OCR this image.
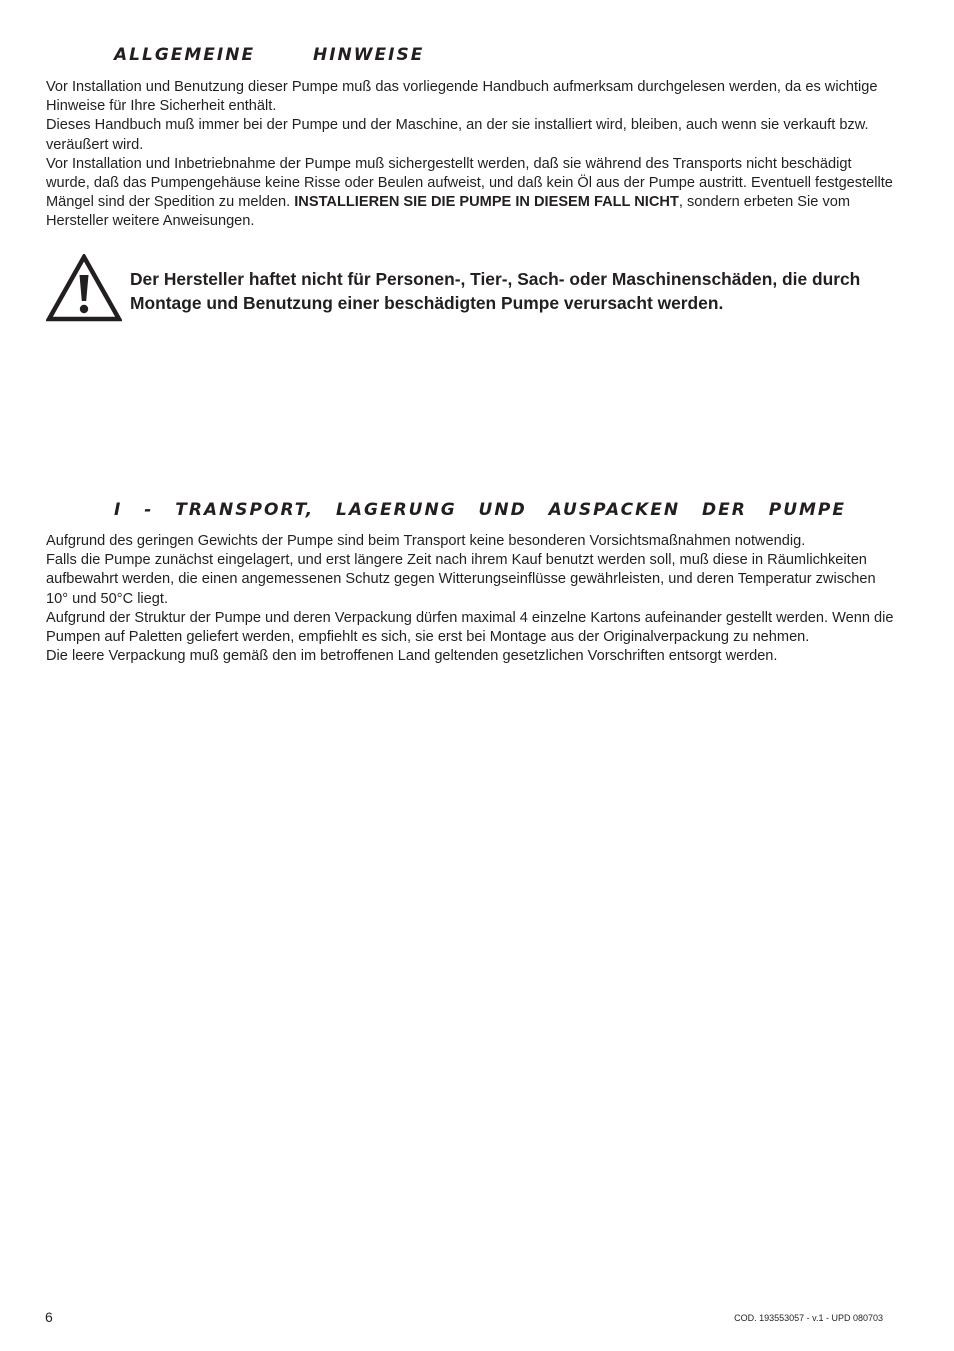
ALLGEMEINE HINWEISE

Vor Installation und Benutzung dieser Pumpe muß das vorliegende Handbuch aufmerksam durchgelesen werden, da es wichtige Hinweise für Ihre Sicherheit enthält.

Dieses Handbuch muß immer bei der Pumpe und der Maschine, an der sie installiert wird, bleiben, auch wenn sie verkauft bzw. veräußert wird.

Vor Installation und Inbetriebnahme der Pumpe muß sichergestellt werden, daß sie während des Transports nicht beschädigt wurde, daß das Pumpengehäuse keine Risse oder Beulen aufweist, und daß kein Öl aus der Pumpe austritt. Eventuell festgestellte Mängel sind der Spedition zu melden. INSTALLIEREN SIE DIE PUMPE IN DIESEM FALL NICHT, sondern erbeten Sie vom Hersteller weitere Anweisungen.

Der Hersteller haftet nicht für Personen-, Tier-, Sach- oder Maschinenschäden, die durch Montage und Benutzung einer beschädigten Pumpe verursacht werden.
I - TRANSPORT, LAGERUNG UND AUSPACKEN DER PUMPE

Aufgrund des geringen Gewichts der Pumpe sind beim Transport keine besonderen Vorsichtsmaßnahmen notwendig.

Falls die Pumpe zunächst eingelagert, und erst längere Zeit nach ihrem Kauf benutzt werden soll, muß diese in Räumlichkeiten aufbewahrt werden, die einen angemessenen Schutz gegen Witterungseinflüsse gewährleisten, und deren Temperatur zwischen 10° und 50°C liegt.

Aufgrund der Struktur der Pumpe und deren Verpackung dürfen maximal 4 einzelne Kartons aufeinander gestellt werden. Wenn die Pumpen auf Paletten geliefert werden, empfiehlt es sich, sie erst bei Montage aus der Originalverpackung zu nehmen.

Die leere Verpackung muß gemäß den im betroffenen Land geltenden gesetzlichen Vorschriften entsorgt werden.

6	COD. 193553057 - v.1 - UPD 080703
